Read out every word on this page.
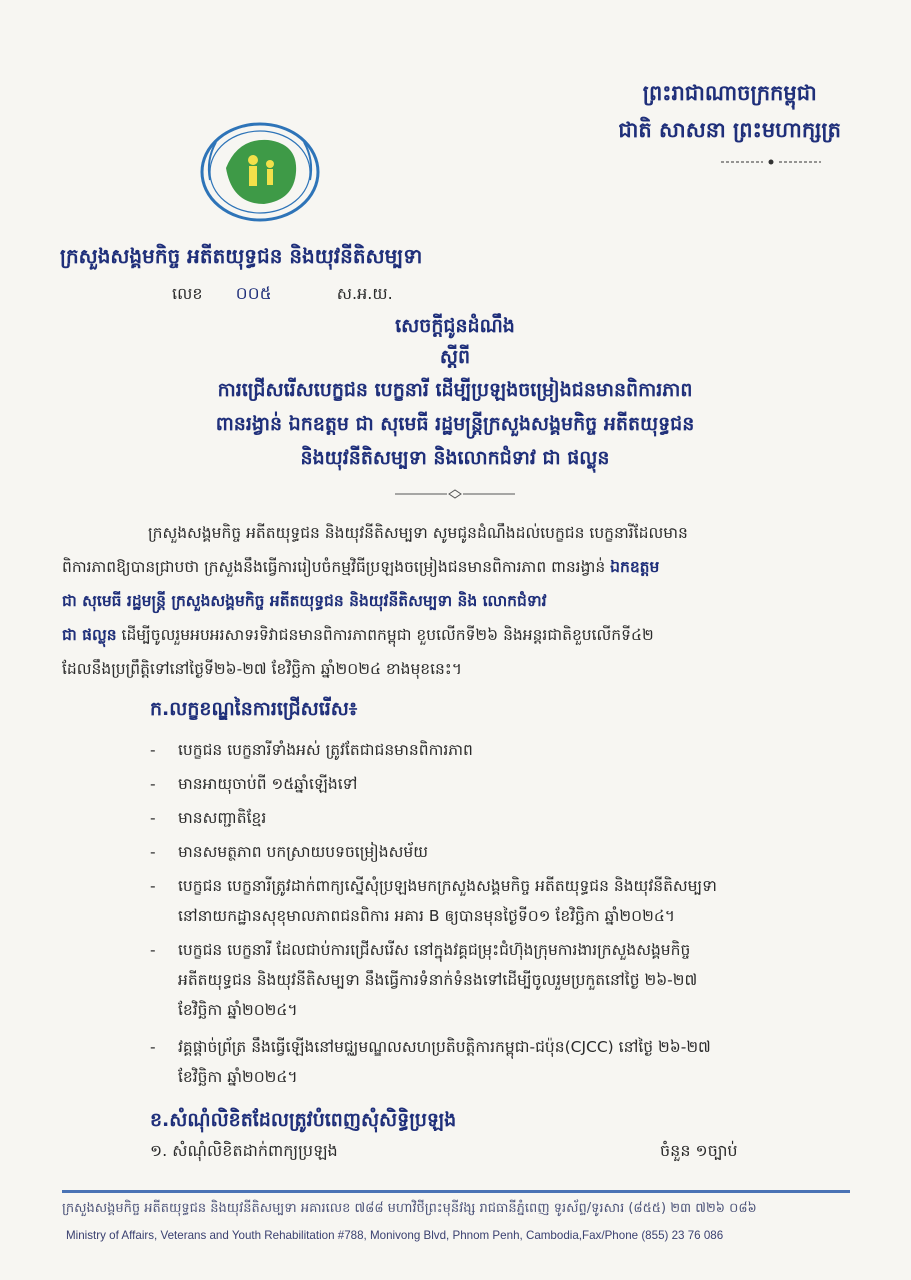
ព្រះរាជាណាចក្រកម្ពុជា
ជាតិ សាសនា ព្រះមហាក្សត្រ
ក្រសួងសង្គមកិច្ច អតីតយុទ្ធជន និងយុវនីតិសម្បទា
លេខ ០០៥	ស.អ.យ.
សេចក្តីជូនដំណឹង
ស្តីពី
ការជ្រើសរើសបេក្ខជន បេក្ខនារី ដើម្បីប្រឡងចម្រៀងជនមានពិការភាព
ពានរង្វាន់ ឯកឧត្តម ជា សុមេធី រដ្ឋមន្ត្រីក្រសួងសង្គមកិច្ច អតីតយុទ្ធជន
និងយុវនីតិសម្បទា និងលោកជំទាវ ជា ផល្លុន
ក្រសួងសង្គមកិច្ច អតីតយុទ្ធជន និងយុវនីតិសម្បទា សូមជូនដំណឹងដល់បេក្ខជន បេក្ខនារីដែលមាន
ពិការភាពឱ្យបានជ្រាបថា ក្រសួងនឹងធ្វើការរៀបចំកម្មវិធីប្រឡងចម្រៀងជនមានពិការភាព ពានរង្វាន់ ឯកឧត្តម
ជា សុមេធី រដ្ឋមន្ត្រី ក្រសួងសង្គមកិច្ច អតីតយុទ្ធជន និងយុវនីតិសម្បទា និង លោកជំទាវ
ជា ផល្លុន ដើម្បីចូលរួមអបអរសាទរទិវាជនមានពិការភាពកម្ពុជា ខួបលើកទី២៦ និងអន្តរជាតិខួបលើកទី៤២
ដែលនឹងប្រព្រឹត្តិទៅនៅថ្ងៃទី២៦-២៧ ខែវិច្ឆិកា ឆ្នាំ២០២៤ ខាងមុខនេះ។
ក.លក្ខខណ្ឌនៃការជ្រើសរើស៖
- បេក្ខជន បេក្ខនារីទាំងអស់ ត្រូវតែជាជនមានពិការភាព
- មានអាយុចាប់ពី ១៥ឆ្នាំឡើងទៅ
- មានសញ្ជាតិខ្មែរ
- មានសមត្ថភាព បកស្រាយបទចម្រៀងសម័យ
- បេក្ខជន បេក្ខនារីត្រូវដាក់ពាក្យស្នើសុំប្រឡងមកក្រសួងសង្គមកិច្ច អតីតយុទ្ធជន និងយុវនីតិសម្បទា
នៅនាយកដ្ឋានសុខុមាលភាពជនពិការ អគារ B ឲ្យបានមុនថ្ងៃទី០១ ខែវិច្ឆិកា ឆ្នាំ២០២៤។
- បេក្ខជន បេក្ខនារី ដែលជាប់ការជ្រើសរើស នៅក្នុងវគ្គជម្រុះជំហ៊ុងក្រុមការងារក្រសួងសង្គមកិច្ច
អតីតយុទ្ធជន និងយុវនីតិសម្បទា នឹងធ្វើការទំនាក់ទំនងទៅដើម្បីចូលរួមប្រកួតនៅថ្ងៃ ២៦-២៧
ខែវិច្ឆិកា ឆ្នាំ២០២៤។
- វគ្គផ្តាច់ព្រ័ត្រ នឹងធ្វើឡើងនៅមជ្ឈមណ្ឌលសហប្រតិបត្តិការកម្ពុជា-ជប៉ុន(CJCC) នៅថ្ងៃ ២៦-២៧
ខែវិច្ឆិកា ឆ្នាំ២០២៤។
ខ.សំណុំលិខិតដែលត្រូវបំពេញសុំសិទ្ធិប្រឡង
១. សំណុំលិខិតដាក់ពាក្យប្រឡង	ចំនួន ១ច្បាប់
ក្រសួងសង្គមកិច្ច អតីតយុទ្ធជន និងយុវនីតិសម្បទា អគារលេខ ៧៨៨ មហាវិថីព្រះមុនីវង្ស រាជធានីភ្នំពេញ ទូរស័ព្ទ/ទូរសារ (៨៥៥) ២៣ ៧២៦ ០៨៦
Ministry of Affairs, Veterans and Youth Rehabilitation #788, Monivong Blvd, Phnom Penh, Cambodia,Fax/Phone (855) 23 76 086
